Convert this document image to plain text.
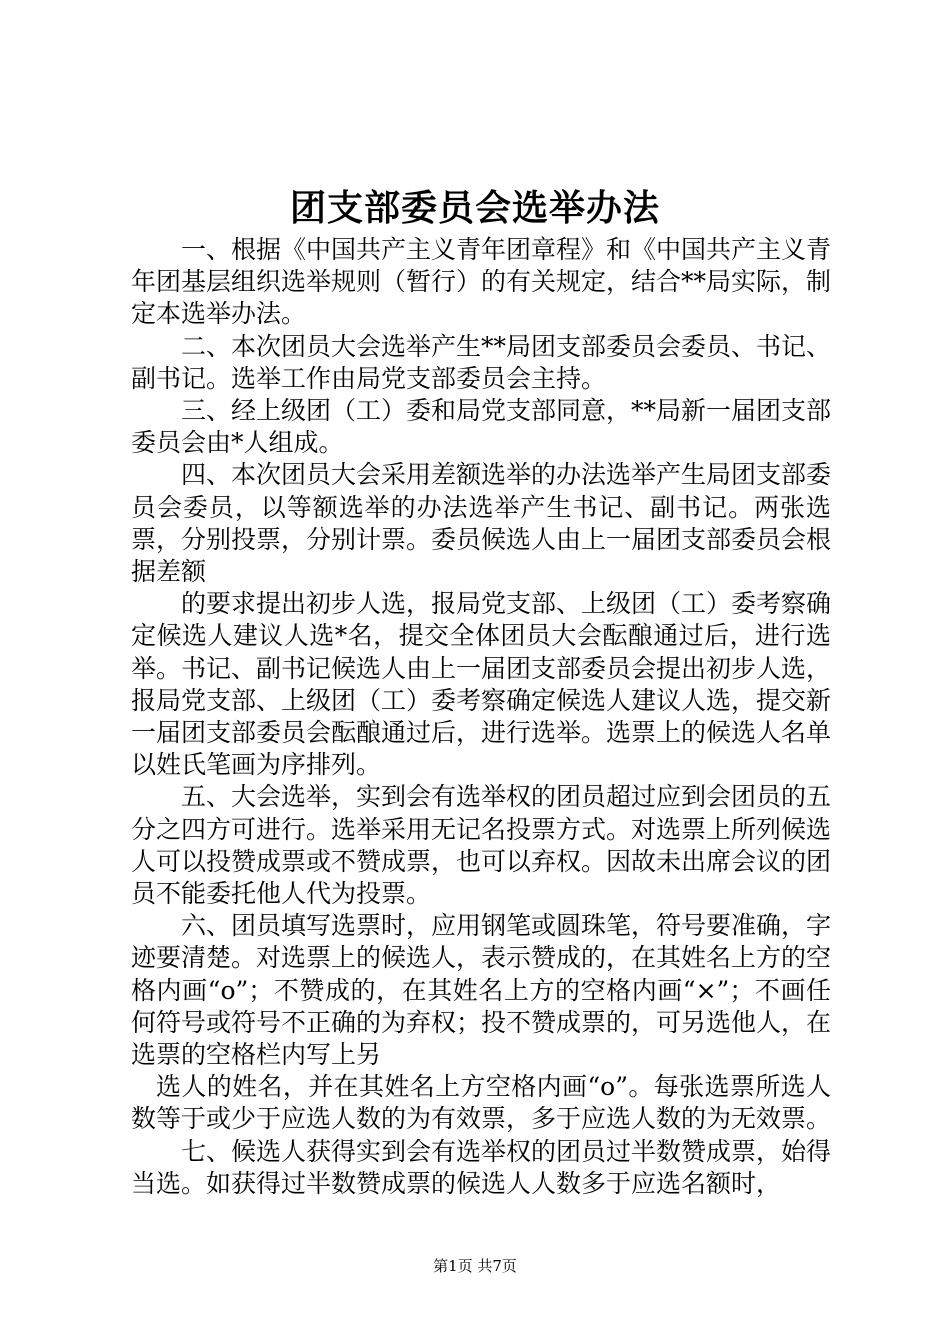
团支部委员会选举办法

一、根据《中国共产主义青年团章程》和《中国共产主义青年团基层组织选举规则（暂行）的有关规定，结合**局实际，制定本选举办法。

二、本次团员大会选举产生**局团支部委员会委员、书记、副书记。选举工作由局党支部委员会主持。

三、经上级团（工）委和局党支部同意，**局新一届团支部委员会由*人组成。

四、本次团员大会采用差额选举的办法选举产生局团支部委员会委员，以等额选举的办法选举产生书记、副书记。两张选票，分别投票，分别计票。委员候选人由上一届团支部委员会根据差额

的要求提出初步人选，报局党支部、上级团（工）委考察确定候选人建议人选*名，提交全体团员大会酝酿通过后，进行选举。书记、副书记候选人由上一届团支部委员会提出初步人选，报局党支部、上级团（工）委考察确定候选人建议人选，提交新一届团支部委员会酝酿通过后，进行选举。选票上的候选人名单以姓氏笔画为序排列。

五、大会选举，实到会有选举权的团员超过应到会团员的五分之四方可进行。选举采用无记名投票方式。对选票上所列候选人可以投赞成票或不赞成票，也可以弃权。因故未出席会议的团员不能委托他人代为投票。

六、团员填写选票时，应用钢笔或圆珠笔，符号要准确，字迹要清楚。对选票上的候选人，表示赞成的，在其姓名上方的空格内画“o”；不赞成的，在其姓名上方的空格内画“×”；不画任何符号或符号不正确的为弃权；投不赞成票的，可另选他人，在选票的空格栏内写上另

选人的姓名，并在其姓名上方空格内画“o”。每张选票所选人数等于或少于应选人数的为有效票，多于应选人数的为无效票。

七、候选人获得实到会有选举权的团员过半数赞成票，始得当选。如获得过半数赞成票的候选人人数多于应选名额时，

第1页 共7页
